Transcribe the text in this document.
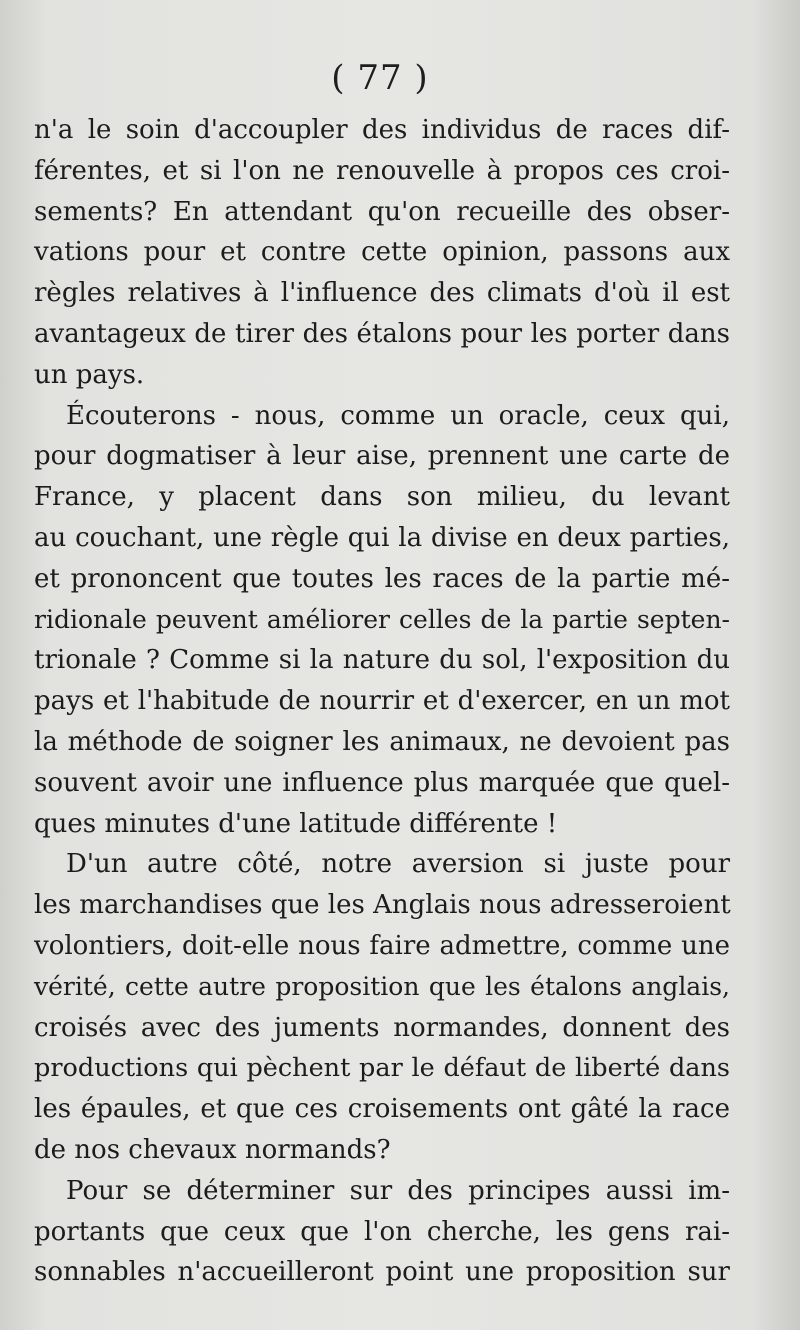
( 77 )
n'a le soin d'accoupler des individus de races dif-
férentes, et si l'on ne renouvelle à propos ces croi-
sements? En attendant qu'on recueille des obser-
vations pour et contre cette opinion, passons aux
règles relatives à l'influence des climats d'où il est
avantageux de tirer des étalons pour les porter dans
un pays.
Écouterons - nous, comme un oracle, ceux qui,
pour dogmatiser à leur aise, prennent une carte de
France, y placent dans son milieu, du levant
au couchant, une règle qui la divise en deux parties,
et prononcent que toutes les races de la partie mé-
ridionale peuvent améliorer celles de la partie septen-
trionale ? Comme si la nature du sol, l'exposition du
pays et l'habitude de nourrir et d'exercer, en un mot
la méthode de soigner les animaux, ne devoient pas
souvent avoir une influence plus marquée que quel-
ques minutes d'une latitude différente !
D'un autre côté, notre aversion si juste pour
les marchandises que les Anglais nous adresseroient
volontiers, doit-elle nous faire admettre, comme une
vérité, cette autre proposition que les étalons anglais,
croisés avec des juments normandes, donnent des
productions qui pèchent par le défaut de liberté dans
les épaules, et que ces croisements ont gâté la race
de nos chevaux normands?
Pour se déterminer sur des principes aussi im-
portants que ceux que l'on cherche, les gens rai-
sonnables n'accueilleront point une proposition sur
